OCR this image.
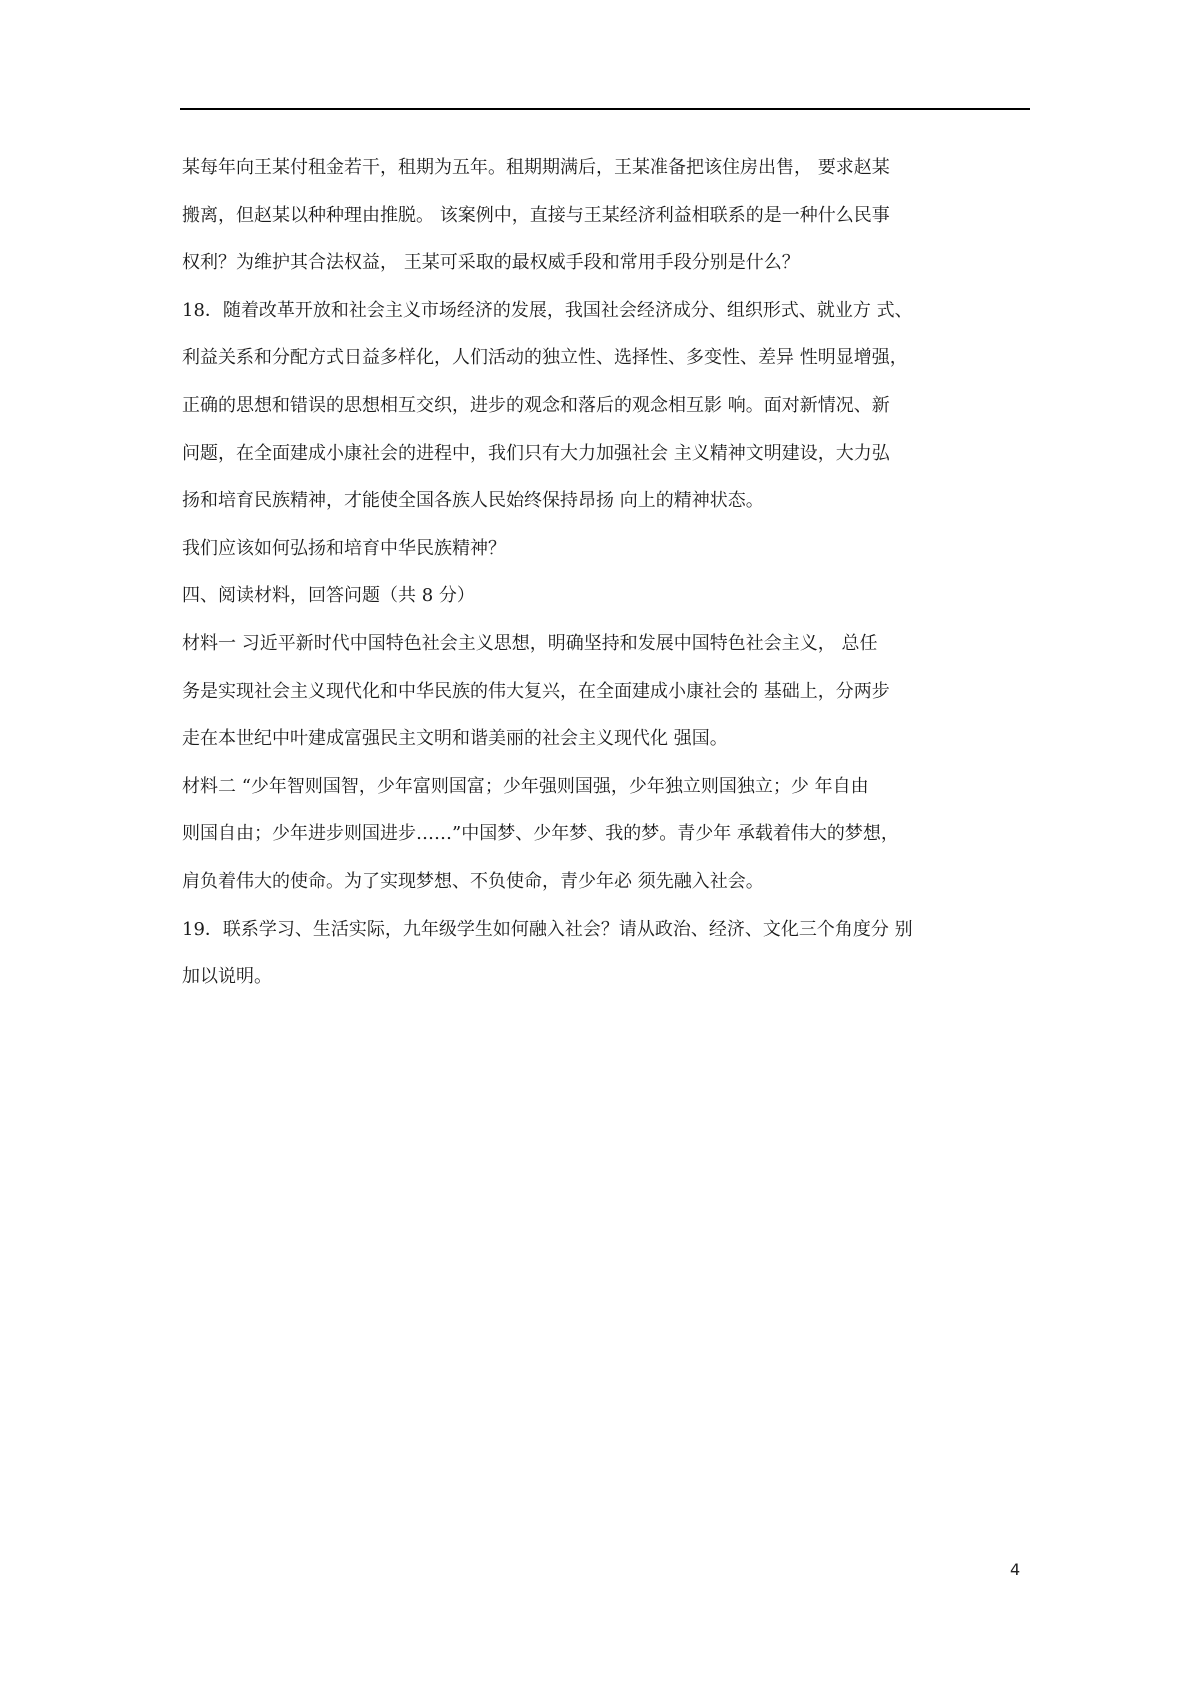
某每年向王某付租金若干，租期为五年。租期期满后，王某准备把该住房出售， 要求赵某
搬离，但赵某以种种理由推脱。 该案例中，直接与王某经济利益相联系的是一种什么民事
权利？为维护其合法权益， 王某可采取的最权威手段和常用手段分别是什么？
18．随着改革开放和社会主义市场经济的发展，我国社会经济成分、组织形式、就业方 式、
利益关系和分配方式日益多样化，人们活动的独立性、选择性、多变性、差异 性明显增强，
正确的思想和错误的思想相互交织，进步的观念和落后的观念相互影 响。面对新情况、新
问题，在全面建成小康社会的进程中，我们只有大力加强社会 主义精神文明建设，大力弘
扬和培育民族精神，才能使全国各族人民始终保持昂扬 向上的精神状态。
我们应该如何弘扬和培育中华民族精神？
四、阅读材料，回答问题（共 8 分）
材料一 习近平新时代中国特色社会主义思想，明确坚持和发展中国特色社会主义， 总任
务是实现社会主义现代化和中华民族的伟大复兴，在全面建成小康社会的 基础上，分两步
走在本世纪中叶建成富强民主文明和谐美丽的社会主义现代化 强国。
材料二 “少年智则国智，少年富则国富；少年强则国强，少年独立则国独立；少 年自由
则国自由；少年进步则国进步……”中国梦、少年梦、我的梦。青少年 承载着伟大的梦想，
肩负着伟大的使命。为了实现梦想、不负使命，青少年必 须先融入社会。
19．联系学习、生活实际，九年级学生如何融入社会？请从政治、经济、文化三个角度分 别
加以说明。
4
